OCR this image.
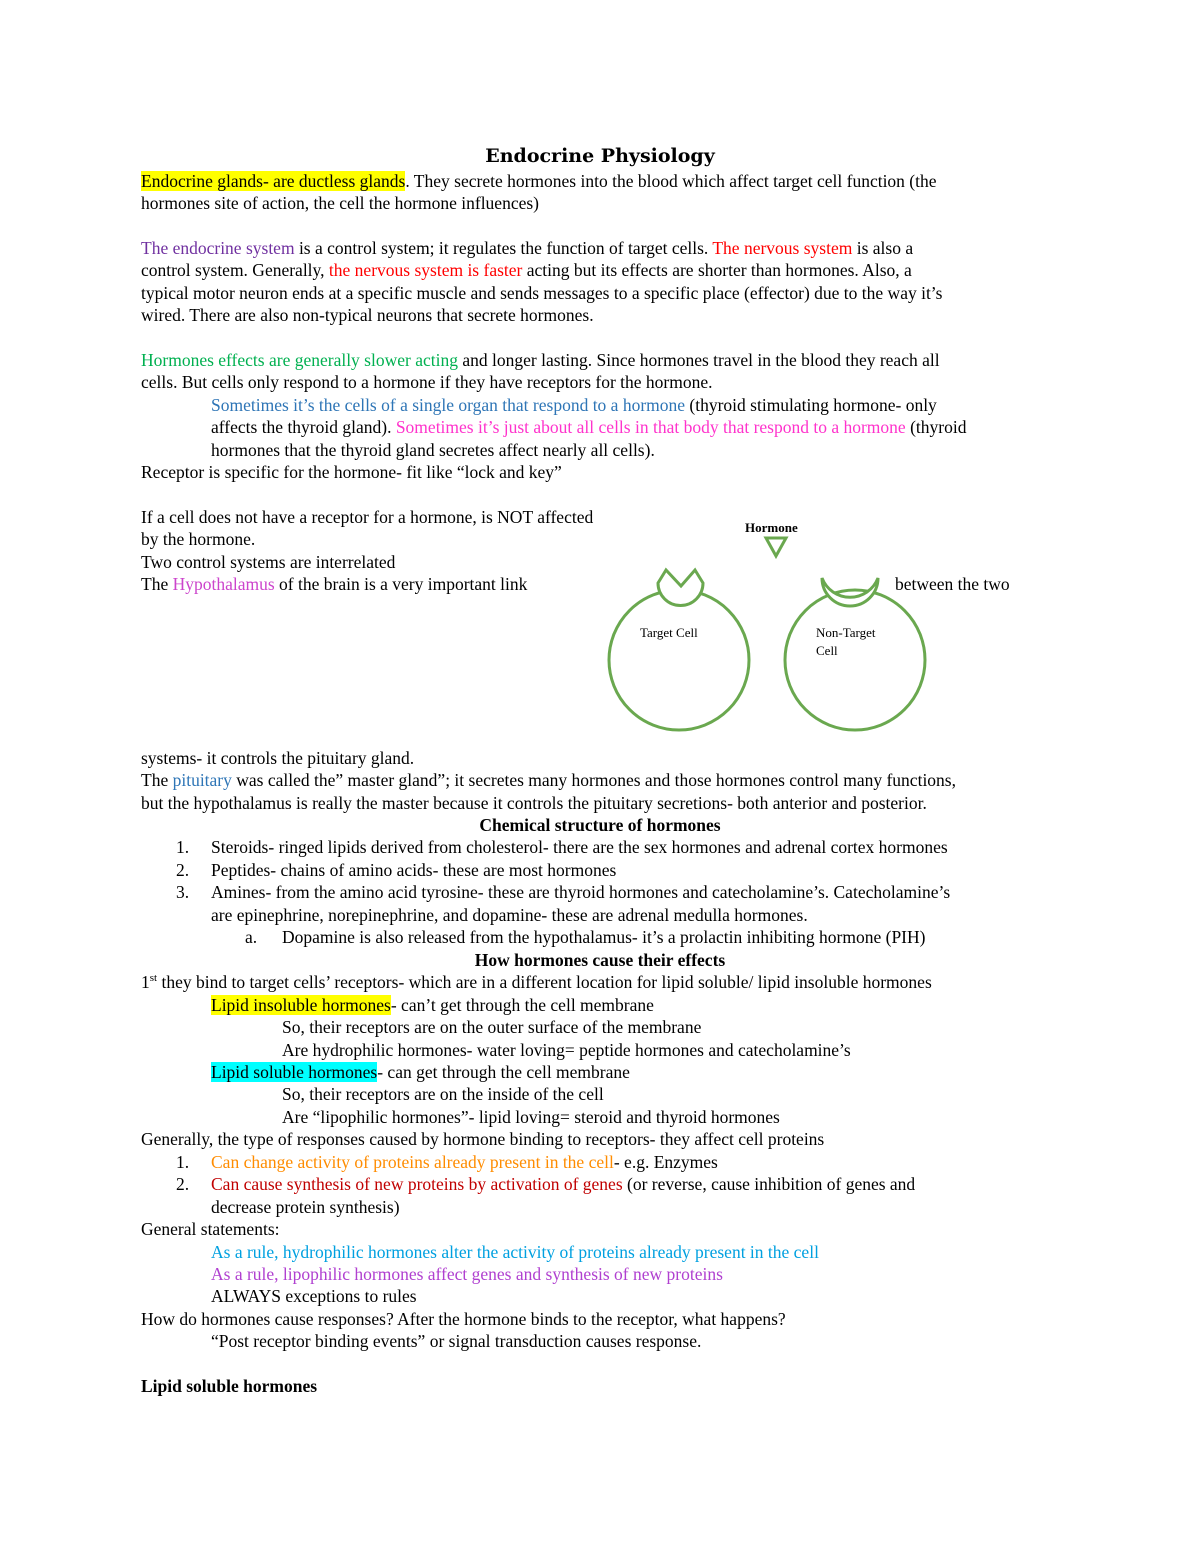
Endocrine Physiology
Endocrine glands- are ductless glands. They secrete hormones into the blood which affect target cell function (the
hormones site of action, the cell the hormone influences)
The endocrine system is a control system; it regulates the function of target cells. The nervous system is also a
control system. Generally, the nervous system is faster acting but its effects are shorter than hormones. Also, a
typical motor neuron ends at a specific muscle and sends messages to a specific place (effector) due to the way it’s
wired. There are also non-typical neurons that secrete hormones.
Hormones effects are generally slower acting and longer lasting. Since hormones travel in the blood they reach all
cells. But cells only respond to a hormone if they have receptors for the hormone.
Sometimes it’s the cells of a single organ that respond to a hormone (thyroid stimulating hormone- only
affects the thyroid gland). Sometimes it’s just about all cells in that body that respond to a hormone (thyroid
hormones that the thyroid gland secretes affect nearly all cells).
Receptor is specific for the hormone- fit like “lock and key”
If a cell does not have a receptor for a hormone, is NOT affected
by the hormone.
Two control systems are interrelated
The Hypothalamus of the brain is a very important link	between the two
Hormone
Target Cell	Non-Target
Cell
systems- it controls the pituitary gland.
The pituitary was called the” master gland”; it secretes many hormones and those hormones control many functions,
but the hypothalamus is really the master because it controls the pituitary secretions- both anterior and posterior.
Chemical structure of hormones
1. Steroids- ringed lipids derived from cholesterol- there are the sex hormones and adrenal cortex hormones
2. Peptides- chains of amino acids- these are most hormones
3. Amines- from the amino acid tyrosine- these are thyroid hormones and catecholamine’s. Catecholamine’s
are epinephrine, norepinephrine, and dopamine- these are adrenal medulla hormones.
a. Dopamine is also released from the hypothalamus- it’s a prolactin inhibiting hormone (PIH)
How hormones cause their effects
1st they bind to target cells’ receptors- which are in a different location for lipid soluble/ lipid insoluble hormones
Lipid insoluble hormones- can’t get through the cell membrane
So, their receptors are on the outer surface of the membrane
Are hydrophilic hormones- water loving= peptide hormones and catecholamine’s
Lipid soluble hormones- can get through the cell membrane
So, their receptors are on the inside of the cell
Are “lipophilic hormones”- lipid loving= steroid and thyroid hormones
Generally, the type of responses caused by hormone binding to receptors- they affect cell proteins
1. Can change activity of proteins already present in the cell- e.g. Enzymes
2. Can cause synthesis of new proteins by activation of genes (or reverse, cause inhibition of genes and
decrease protein synthesis)
General statements:
As a rule, hydrophilic hormones alter the activity of proteins already present in the cell
As a rule, lipophilic hormones affect genes and synthesis of new proteins
ALWAYS exceptions to rules
How do hormones cause responses? After the hormone binds to the receptor, what happens?
“Post receptor binding events” or signal transduction causes response.
Lipid soluble hormones
